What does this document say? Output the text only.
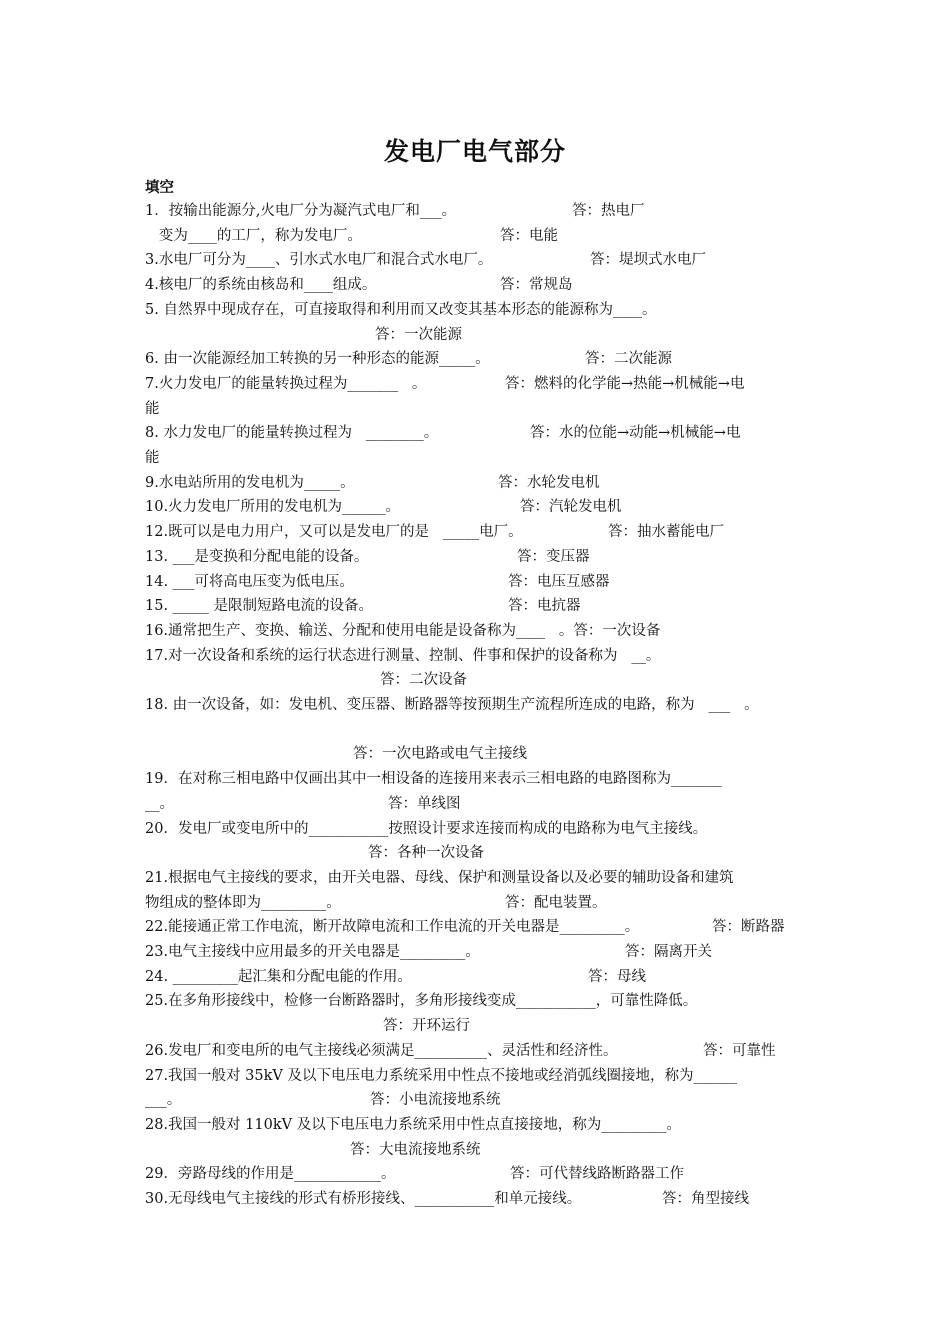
发电厂电气部分
填空
1．按输出能源分,火电厂分为凝汽式电厂和___。	答：热电厂
变为____的工厂，称为发电厂。	答：电能
3.水电厂可分为____、引水式水电厂和混合式水电厂。	答：堤坝式水电厂
4.核电厂的系统由核岛和____组成。	答：常规岛
5. 自然界中现成存在，可直接取得和利用而又改变其基本形态的能源称为____。
答：一次能源
6. 由一次能源经加工转换的另一种形态的能源_____。	答：二次能源
7.火力发电厂的能量转换过程为_______   。	答：燃料的化学能→热能→机械能→电
能
8. 水力发电厂的能量转换过程为   ________。	答：水的位能→动能→机械能→电
能
9.水电站所用的发电机为_____。	答：水轮发电机
10.火力发电厂所用的发电机为______。	答：汽轮发电机
12.既可以是电力用户，又可以是发电厂的是   _____电厂。	答：抽水蓄能电厂
13. ___是变换和分配电能的设备。	答：变压器
14. ___可将高电压变为低电压。	答：电压互感器
15. _____ 是限制短路电流的设备。	答：电抗器
16.通常把生产、变换、输送、分配和使用电能是设备称为____   。答：一次设备
17.对一次设备和系统的运行状态进行测量、控制、件事和保护的设备称为   __。
答：二次设备
18. 由一次设备，如：发电机、变压器、断路器等按预期生产流程所连成的电路，称为   ___   。
答：一次电路或电气主接线
19．在对称三相电路中仅画出其中一相设备的连接用来表示三相电路的电路图称为_______
__。	答：单线图
20．发电厂或变电所中的___________按照设计要求连接而构成的电路称为电气主接线。
答：各种一次设备
21.根据电气主接线的要求，由开关电器、母线、保护和测量设备以及必要的辅助设备和建筑
物组成的整体即为_________。	答：配电装置。
22.能接通正常工作电流，断开故障电流和工作电流的开关电器是_________。	答：断路器
23.电气主接线中应用最多的开关电器是_________。	答：隔离开关
24. _________起汇集和分配电能的作用。	答：母线
25.在多角形接线中，检修一台断路器时，多角形接线变成___________，可靠性降低。
答：开环运行
26.发电厂和变电所的电气主接线必须满足__________、灵活性和经济性。	答：可靠性
27.我国一般对 35kV 及以下电压电力系统采用中性点不接地或经消弧线圈接地，称为______
___。	答：小电流接地系统
28.我国一般对 110kV 及以下电压电力系统采用中性点直接接地，称为_________。
答：大电流接地系统
29．旁路母线的作用是____________。	答：可代替线路断路器工作
30.无母线电气主接线的形式有桥形接线、___________和单元接线。	答：角型接线
